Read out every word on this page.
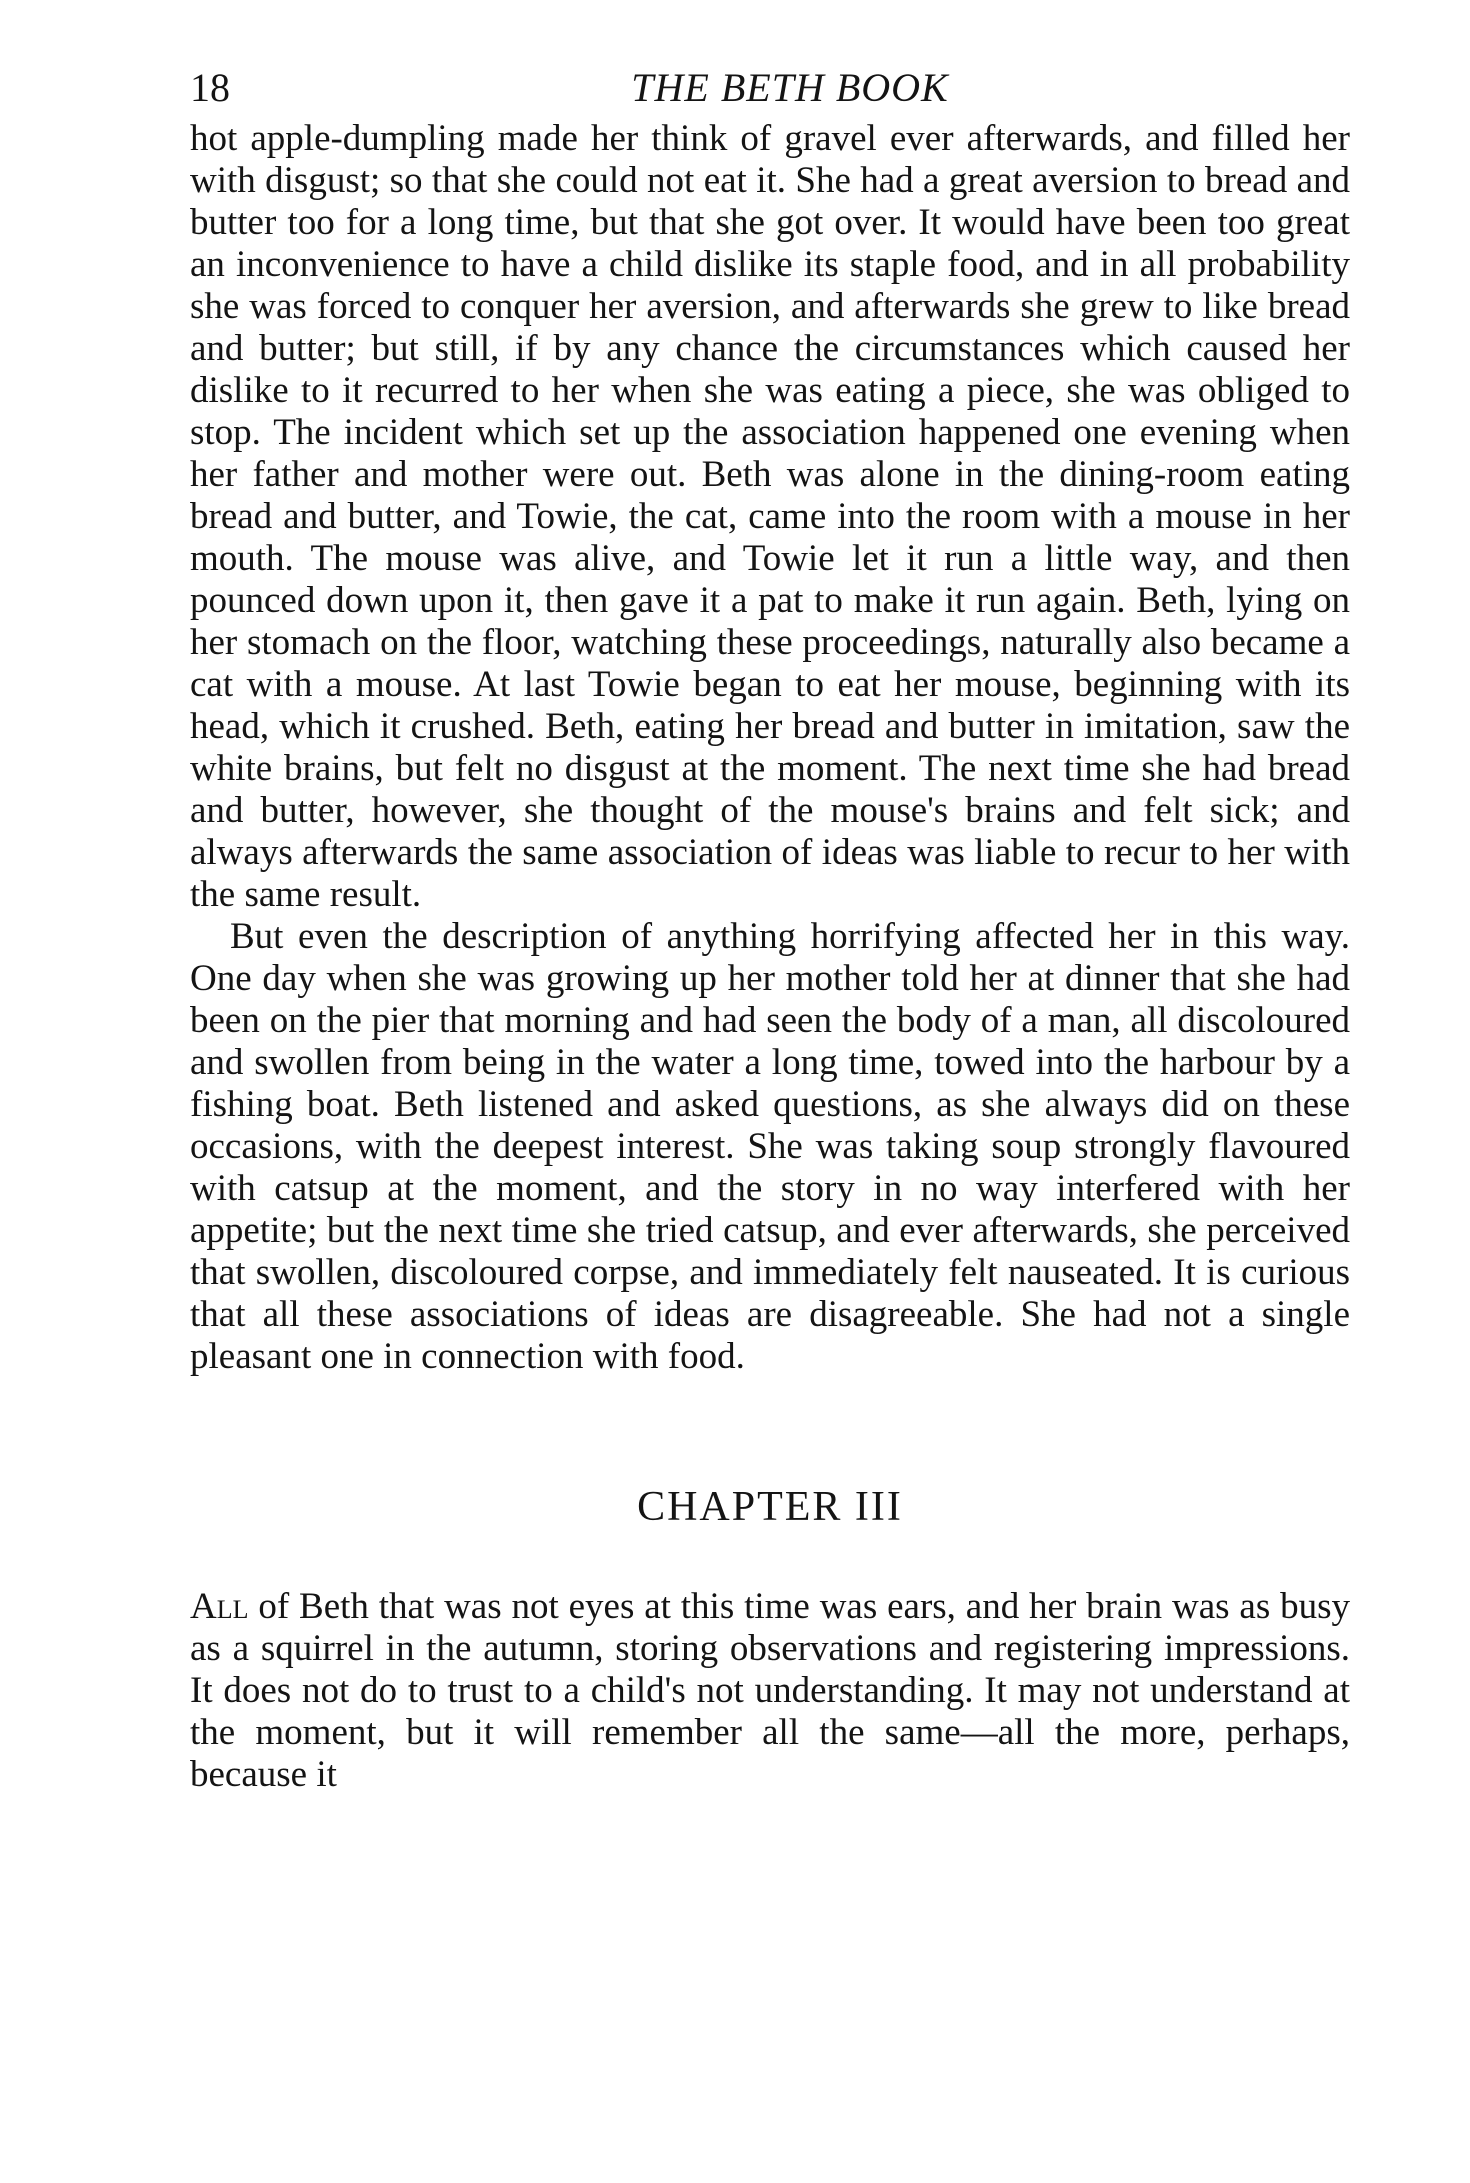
18	THE BETH BOOK

hot apple-dumpling made her think of gravel ever afterwards, and filled her with disgust; so that she could not eat it. She had a great aversion to bread and butter too for a long time, but that she got over. It would have been too great an inconvenience to have a child dislike its staple food, and in all probability she was forced to conquer her aversion, and afterwards she grew to like bread and butter; but still, if by any chance the circumstances which caused her dislike to it recurred to her when she was eating a piece, she was obliged to stop. The incident which set up the association happened one evening when her father and mother were out. Beth was alone in the dining-room eating bread and butter, and Towie, the cat, came into the room with a mouse in her mouth. The mouse was alive, and Towie let it run a little way, and then pounced down upon it, then gave it a pat to make it run again. Beth, lying on her stomach on the floor, watching these proceedings, naturally also became a cat with a mouse. At last Towie began to eat her mouse, beginning with its head, which it crushed. Beth, eating her bread and butter in imitation, saw the white brains, but felt no disgust at the moment. The next time she had bread and butter, however, she thought of the mouse's brains and felt sick; and always afterwards the same association of ideas was liable to recur to her with the same result.

But even the description of anything horrifying affected her in this way. One day when she was growing up her mother told her at dinner that she had been on the pier that morning and had seen the body of a man, all discoloured and swollen from being in the water a long time, towed into the harbour by a fishing boat. Beth listened and asked questions, as she always did on these occasions, with the deepest interest. She was taking soup strongly flavoured with catsup at the moment, and the story in no way interfered with her appetite; but the next time she tried catsup, and ever afterwards, she perceived that swollen, discoloured corpse, and immediately felt nauseated. It is curious that all these associations of ideas are disagreeable. She had not a single pleasant one in connection with food.

CHAPTER III

All of Beth that was not eyes at this time was ears, and her brain was as busy as a squirrel in the autumn, storing observations and registering impressions. It does not do to trust to a child's not understanding. It may not understand at the moment, but it will remember all the same—all the more, perhaps, because it
